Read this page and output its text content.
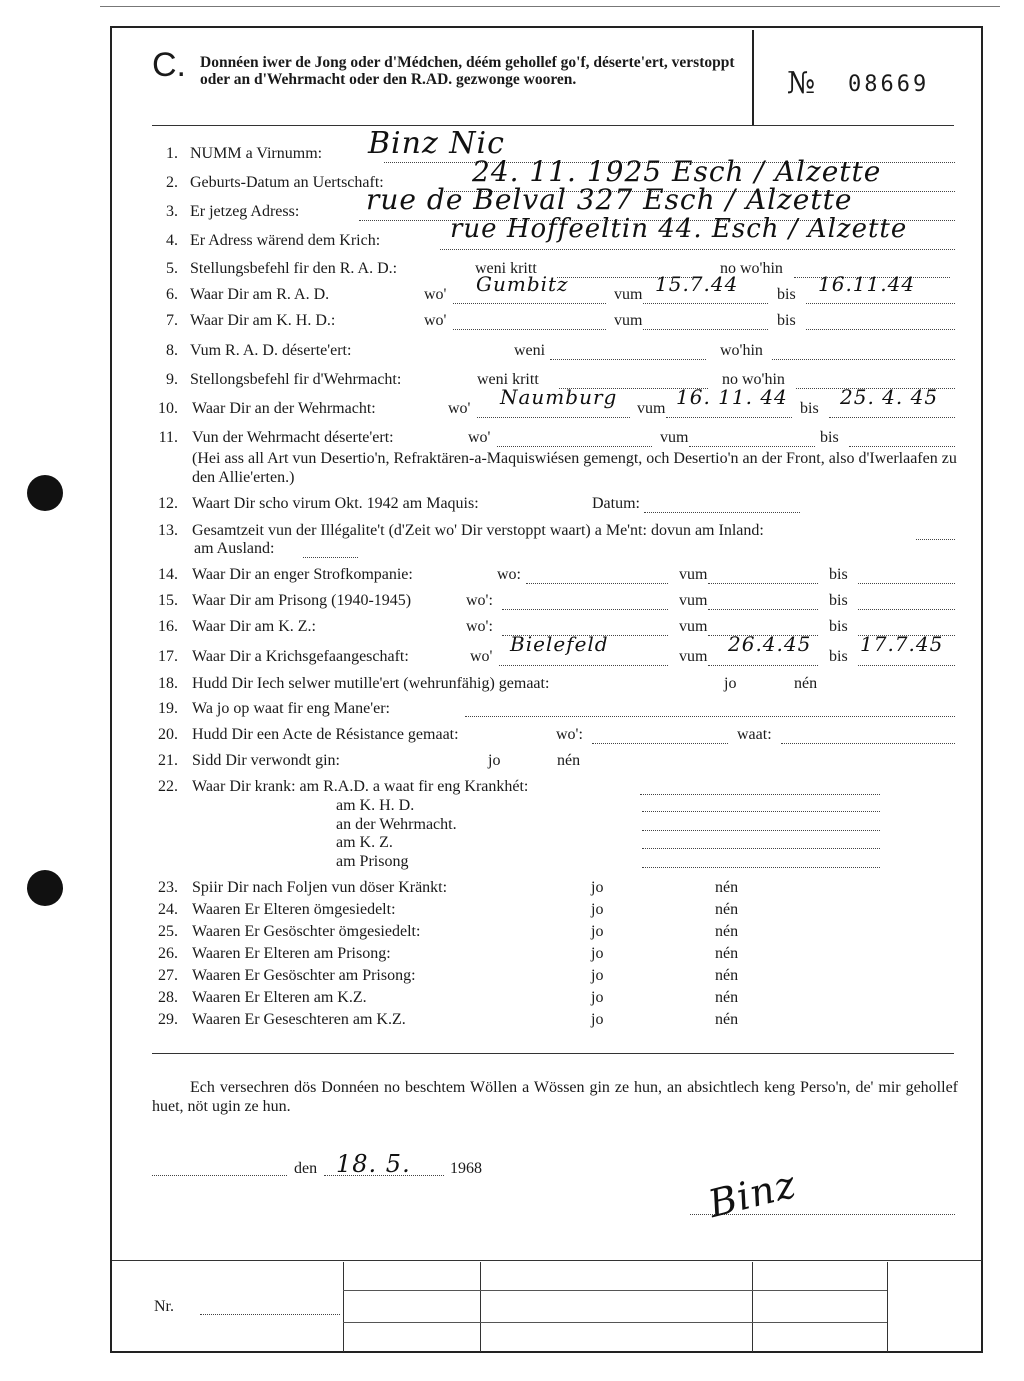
C. Donnéen iwer de Jong oder d'Médchen, déém gehollef go'f, déserte'ert, verstoppt oder an d'Wehrmacht oder den R.AD. gezwonge wooren.	№ 08669
1. NUMM a Virnumm: Binz Nic
2. Geburts-Datum an Uertschaft:	24. 11. 1925 Esch / Alzette
3. Er jetzeg Adress: rue de Belval 327 Esch / Alzette
4. Er Adress wärend dem Krich:	rue Hoffeeltin 44. Esch / Alzette
5. Stellungsbefehl fir den R. A. D.:	weni kritt	no wo'hin
6. Waar Dir am R. A. D.	wo'	vum	bis
Gumbitz	15.7.44	16.11.44
7. Waar Dir am K. H. D.:	wo'	vum	bis
8. Vum R. A. D. déserte'ert:	weni	wo'hin
9. Stellongsbefehl fir d'Wehrmacht:	weni kritt	no wo'hin
10. Waar Dir an der Wehrmacht:	wo'	vum	bis
Naumburg	16. 11. 44	25. 4. 45
11. Vun der Wehrmacht déserte'ert:	wo'	vum	bis
12. Waart Dir scho virum Okt. 1942 am Maquis:	Datum:
13. Gesamtzeit vun der Illégalite't (d'Zeit wo' Dir verstoppt waart) a Me'nt: dovun am Inland:
am Ausland:
14. Waar Dir an enger Strofkompanie:	wo:	vum	bis
15. Waar Dir am Prisong (1940-1945)	wo':	vum	bis
16. Waar Dir am K. Z.:	wo':	vum	bis
17. Waar Dir a Krichsgefaangeschaft:	wo'	vum	bis
Bielefeld	26.4.45 17.7.45
18. Hudd Dir Iech selwer mutille'ert (wehrunfähig) gemaat:	jo	nén
19. Wa jo op waat fir eng Mane'er:
20. Hudd Dir een Acte de Résistance gemaat:	wo':	waat:
21. Sidd Dir verwondt gin:	jo	nén
22. Waar Dir krank: am R.A.D. a waat fir eng Krankhét:
am K. H. D.
an der Wehrmacht.
am K. Z.
am Prisong
23. Spiir Dir nach Foljen vun döser Kränkt:	jo	nén
24. Waaren Er Elteren ömgesiedelt:	jo	nén
25. Waaren Er Gesöschter ömgesiedelt:	jo	nén
26. Waaren Er Elteren am Prisong:	jo	nén
27. Waaren Er Gesöschter am Prisong:	jo	nén
28. Waaren Er Elteren am K.Z.	jo	nén
29. Waaren Er Geseschteren am K.Z.	jo	nén
(Hei ass all Art vun Desertio'n, Refraktären-a-Maquiswiésen gemengt, och Desertio'n an der Front, also d'Iwerlaafen zu den Allie'erten.)
Ech versechren dös Donnéen no beschtem Wöllen a Wössen gin ze hun, an absichtlech keng Perso'n, de' mir gehollef huet, nöt ugin ze hun.
den 18. 5. 1968	Binz
Nr.
